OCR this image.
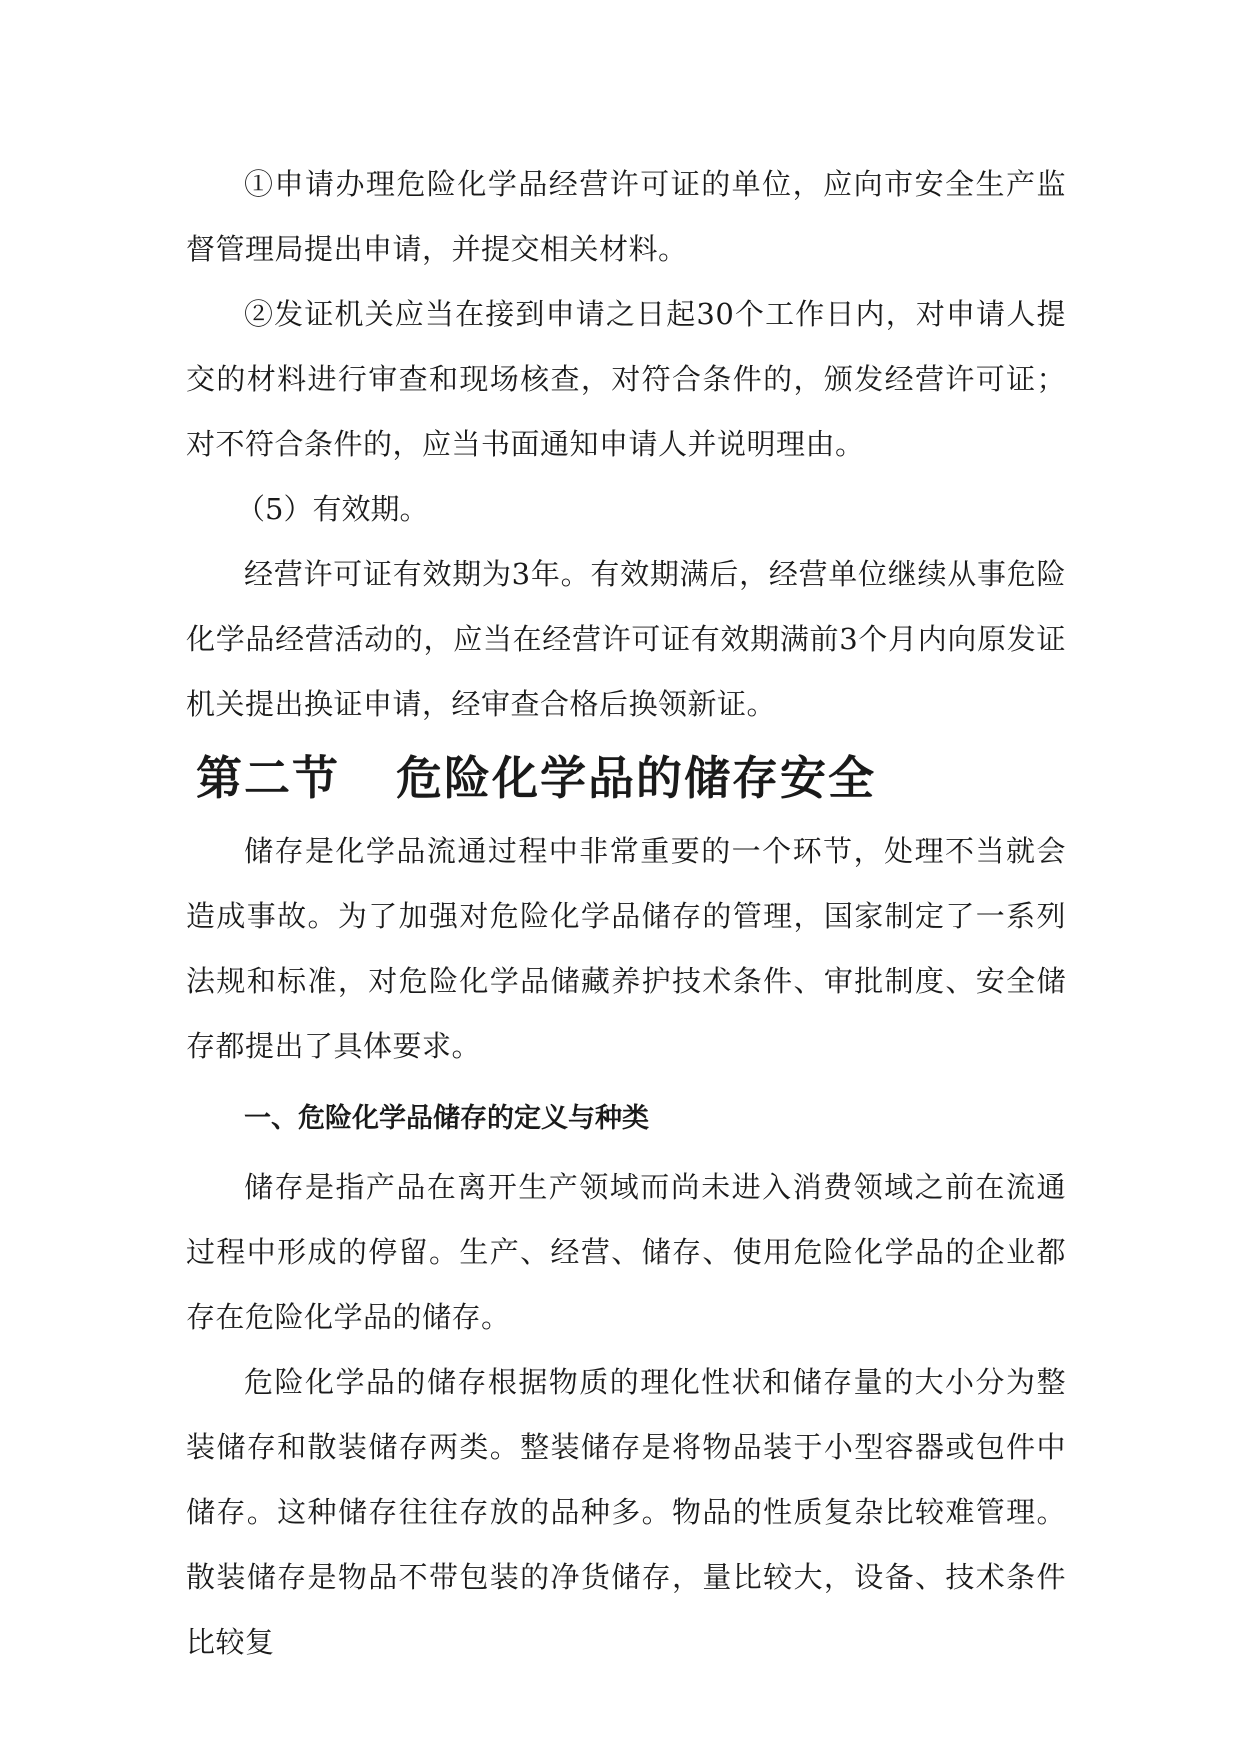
①申请办理危险化学品经营许可证的单位，应向市安全生产监督管理局提出申请，并提交相关材料。

②发证机关应当在接到申请之日起30个工作日内，对申请人提交的材料进行审查和现场核查，对符合条件的，颁发经营许可证；对不符合条件的，应当书面通知申请人并说明理由。

（5）有效期。

经营许可证有效期为3年。有效期满后，经营单位继续从事危险化学品经营活动的，应当在经营许可证有效期满前3个月内向原发证机关提出换证申请，经审查合格后换领新证。

第二节 危险化学品的储存安全

储存是化学品流通过程中非常重要的一个环节，处理不当就会造成事故。为了加强对危险化学品储存的管理，国家制定了一系列法规和标准，对危险化学品储藏养护技术条件、审批制度、安全储存都提出了具体要求。

一、危险化学品储存的定义与种类

储存是指产品在离开生产领域而尚未进入消费领域之前在流通过程中形成的停留。生产、经营、储存、使用危险化学品的企业都存在危险化学品的储存。

危险化学品的储存根据物质的理化性状和储存量的大小分为整装储存和散装储存两类。整装储存是将物品装于小型容器或包件中储存。这种储存往往存放的品种多。物品的性质复杂比较难管理。散装储存是物品不带包装的净货储存，量比较大，设备、技术条件比较复
